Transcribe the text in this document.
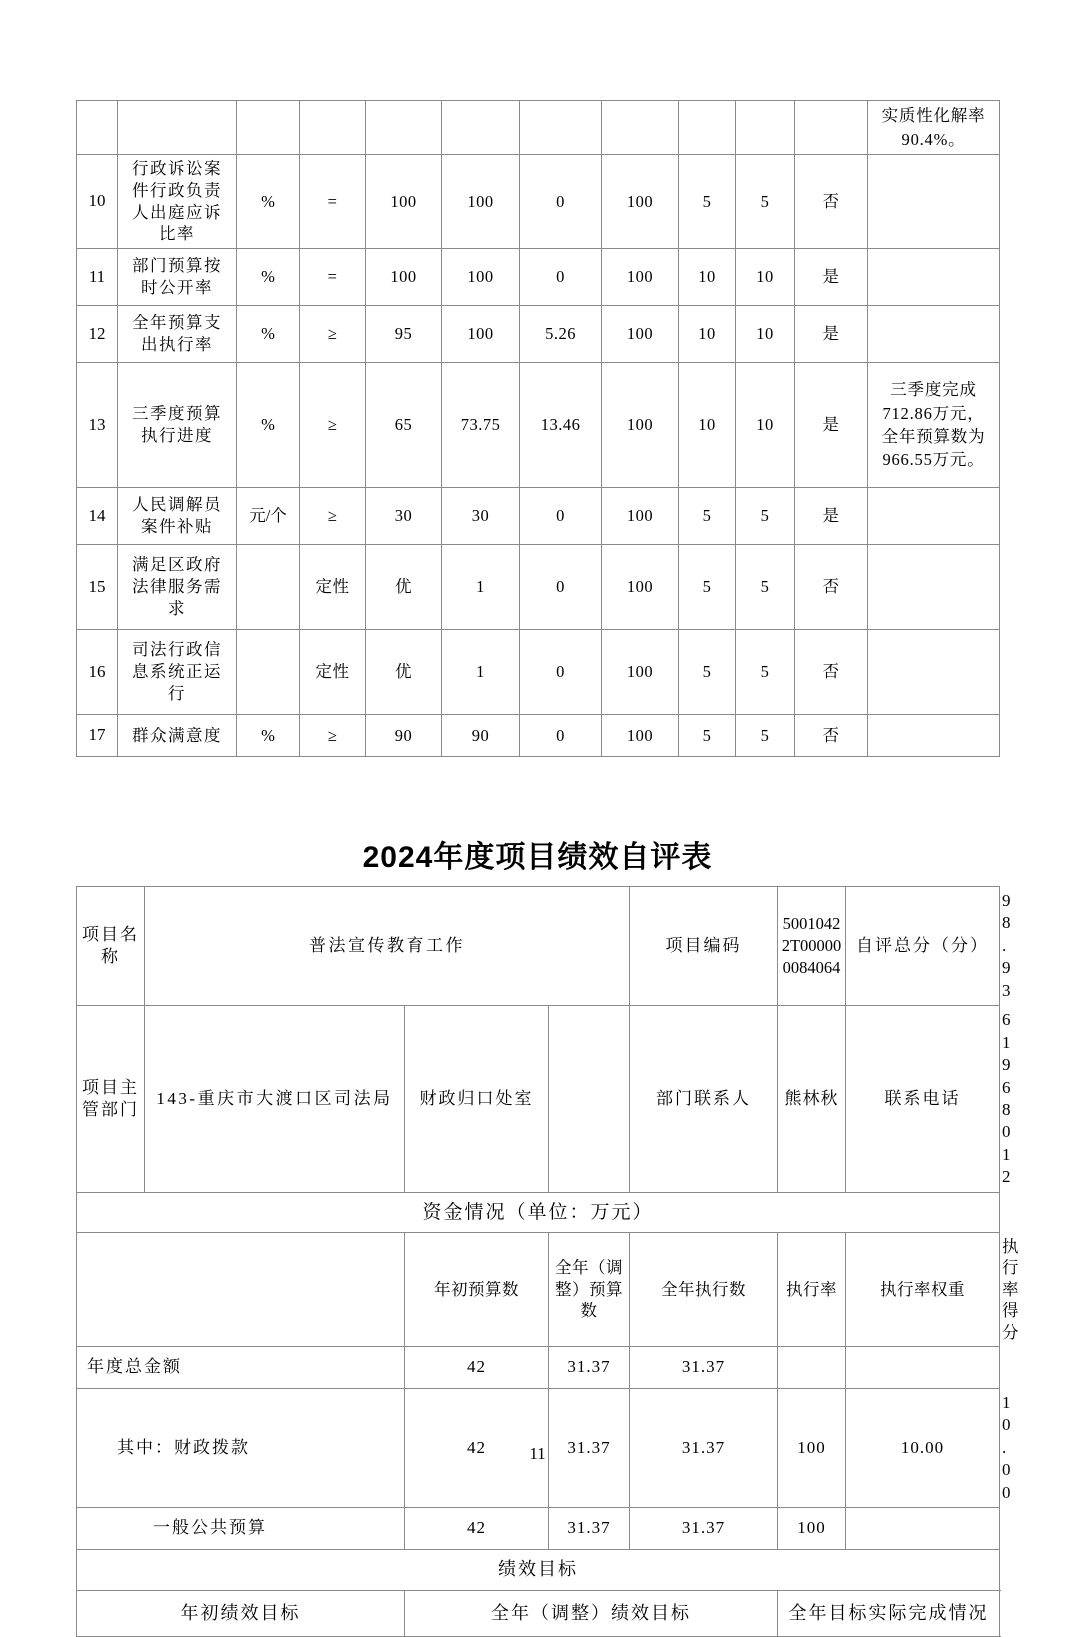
											实质性化解率90.4%。
10	行政诉讼案件行政负责人出庭应诉比率	%	=	100	100	0	100	5	5	否	
11	部门预算按时公开率	%	=	100	100	0	100	10	10	是	
12	全年预算支出执行率	%	≥	95	100	5.26	100	10	10	是	
13	三季度预算执行进度	%	≥	65	73.75	13.46	100	10	10	是	三季度完成712.86万元，全年预算数为966.55万元。
14	人民调解员案件补贴	元/个	≥	30	30	0	100	5	5	是	
15	满足区政府法律服务需求		定性	优	1	0	100	5	5	否	
16	司法行政信息系统正运行		定性	优	1	0	100	5	5	否	
17	群众满意度	%	≥	90	90	0	100	5	5	否	
2024年度项目绩效自评表
项目名称	普法宣传教育工作			项目编码	50010422T000000084064	自评总分（分）	98.93
项目主管部门	143-重庆市大渡口区司法局	财政归口处室		部门联系人	熊林秋	联系电话	61968012
资金情况（单位：万元）							
		年初预算数	全年（调整）预算数	全年执行数	执行率	执行率权重	执行率得分
年度总金额		42	31.37	31.37			
其中：财政拨款		42	31.37	31.37	100	10.00	10.00
一般公共预算		42	31.37	31.37	100		
绩效目标							
年初绩效目标		全年（调整）绩效目标			全年目标实际完成情况		
11
